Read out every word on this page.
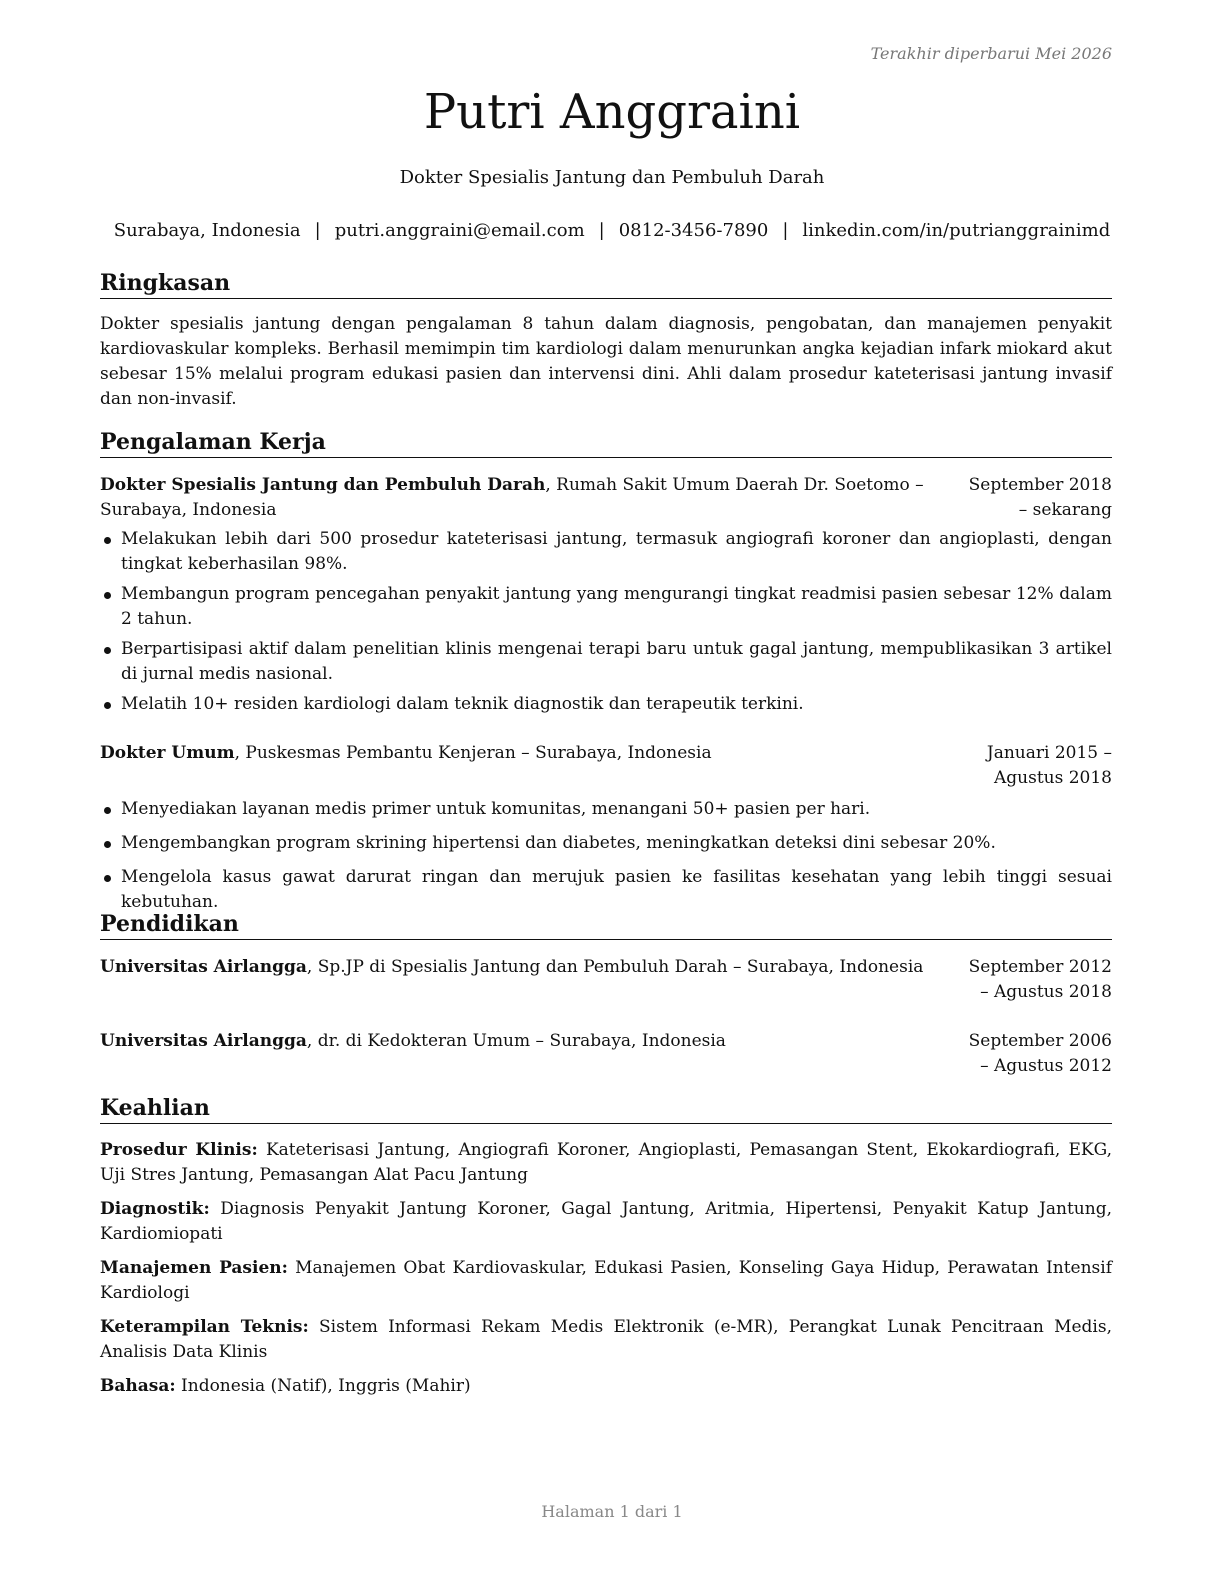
Terakhir diperbarui Mei 2026
Putri Anggraini
Dokter Spesialis Jantung dan Pembuluh Darah
Surabaya, Indonesia | putri.anggraini@email.com | 0812-3456-7890 | linkedin.com/in/putrianggrainimd
Ringkasan

Dokter spesialis jantung dengan pengalaman 8 tahun dalam diagnosis, pengobatan, dan manajemen penyakit kardiovaskular kompleks. Berhasil memimpin tim kardiologi dalam menurunkan angka kejadian infark miokard akut sebesar 15% melalui program edukasi pasien dan intervensi dini. Ahli dalam prosedur kateterisasi jantung invasif dan non-invasif.

Pengalaman Kerja
Dokter Spesialis Jantung dan Pembuluh Darah, Rumah Sakit Umum Daerah Dr. Soetomo – Surabaya, Indonesia
September 2018 – sekarang
Melakukan lebih dari 500 prosedur kateterisasi jantung, termasuk angiografi koroner dan angioplasti, dengan tingkat keberhasilan 98%.
Membangun program pencegahan penyakit jantung yang mengurangi tingkat readmisi pasien sebesar 12% dalam 2 tahun.
Berpartisipasi aktif dalam penelitian klinis mengenai terapi baru untuk gagal jantung, mempublikasikan 3 artikel di jurnal medis nasional.
Melatih 10+ residen kardiologi dalam teknik diagnostik dan terapeutik terkini.
Dokter Umum, Puskesmas Pembantu Kenjeran – Surabaya, Indonesia	Januari 2015 – Agustus 2018
Menyediakan layanan medis primer untuk komunitas, menangani 50+ pasien per hari.
Mengembangkan program skrining hipertensi dan diabetes, meningkatkan deteksi dini sebesar 20%.
Mengelola kasus gawat darurat ringan dan merujuk pasien ke fasilitas kesehatan yang lebih tinggi sesuai kebutuhan.
Pendidikan
Universitas Airlangga, Sp.JP di Spesialis Jantung dan Pembuluh Darah – Surabaya, Indonesia	September 2012 – Agustus 2018
Universitas Airlangga, dr. di Kedokteran Umum – Surabaya, Indonesia	September 2006 – Agustus 2012
Keahlian

Prosedur Klinis: Kateterisasi Jantung, Angiografi Koroner, Angioplasti, Pemasangan Stent, Ekokardiografi, EKG, Uji Stres Jantung, Pemasangan Alat Pacu Jantung

Diagnostik: Diagnosis Penyakit Jantung Koroner, Gagal Jantung, Aritmia, Hipertensi, Penyakit Katup Jantung, Kardiomiopati

Manajemen Pasien: Manajemen Obat Kardiovaskular, Edukasi Pasien, Konseling Gaya Hidup, Perawatan Intensif Kardiologi

Keterampilan Teknis: Sistem Informasi Rekam Medis Elektronik (e-MR), Perangkat Lunak Pencitraan Medis, Analisis Data Klinis

Bahasa: Indonesia (Natif), Inggris (Mahir)

Halaman 1 dari 1
